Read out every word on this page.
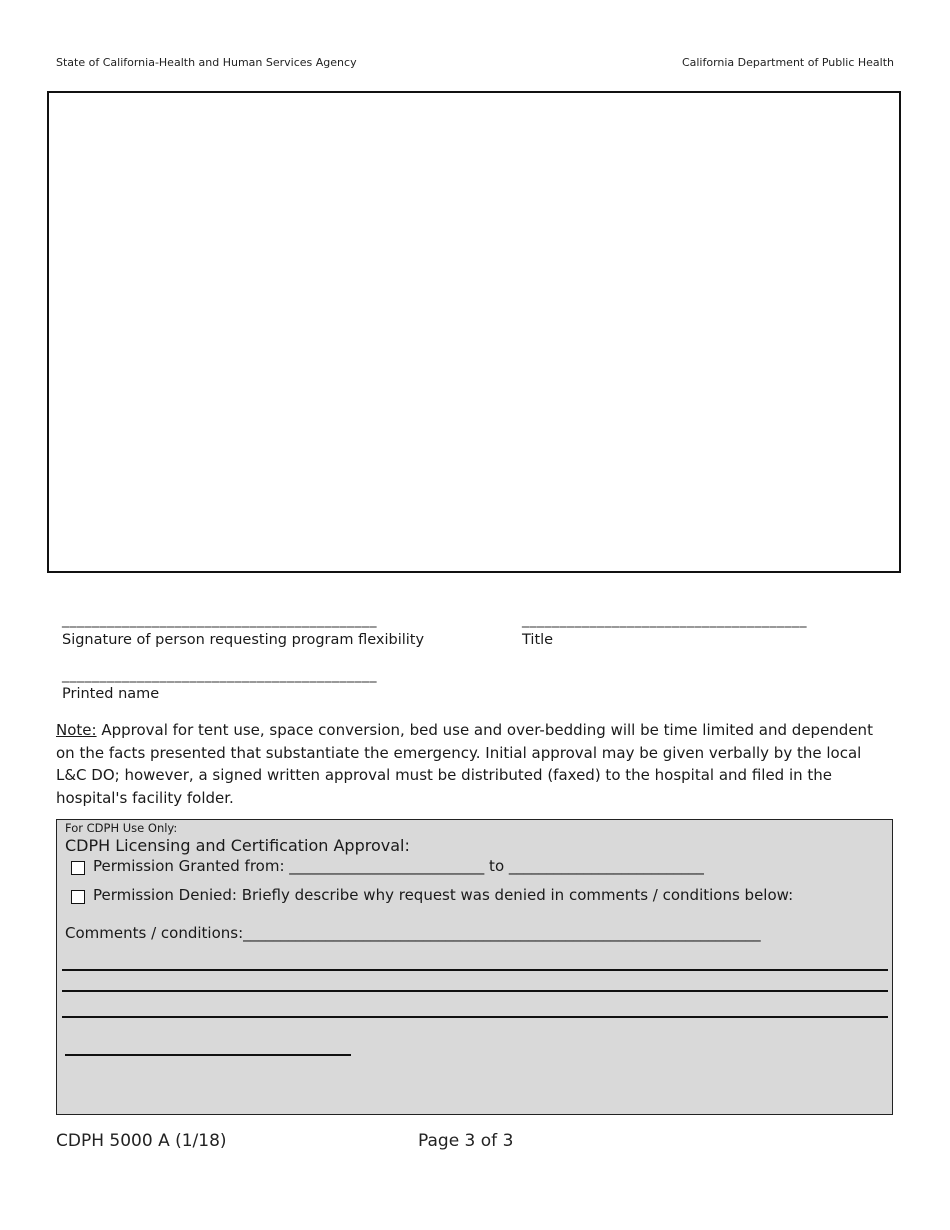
State of California-Health and Human Services Agency	California Department of Public Health
__________________________________________
Signature of person requesting program flexibility
______________________________________
Title
__________________________________________
Printed name
Note: Approval for tent use, space conversion, bed use and over-bedding will be time limited and dependent on the facts presented that substantiate the emergency. Initial approval may be given verbally by the local L&C DO; however, a signed written approval must be distributed (faxed) to the hospital and filed in the hospital's facility folder.
For CDPH Use Only:
CDPH Licensing and Certification Approval:
Permission Granted from: __________________________ to __________________________
Permission Denied: Briefly describe why request was denied in comments / conditions below:
Comments / conditions:_____________________________________________________________________
CDPH 5000 A (1/18)	Page 3 of 3
